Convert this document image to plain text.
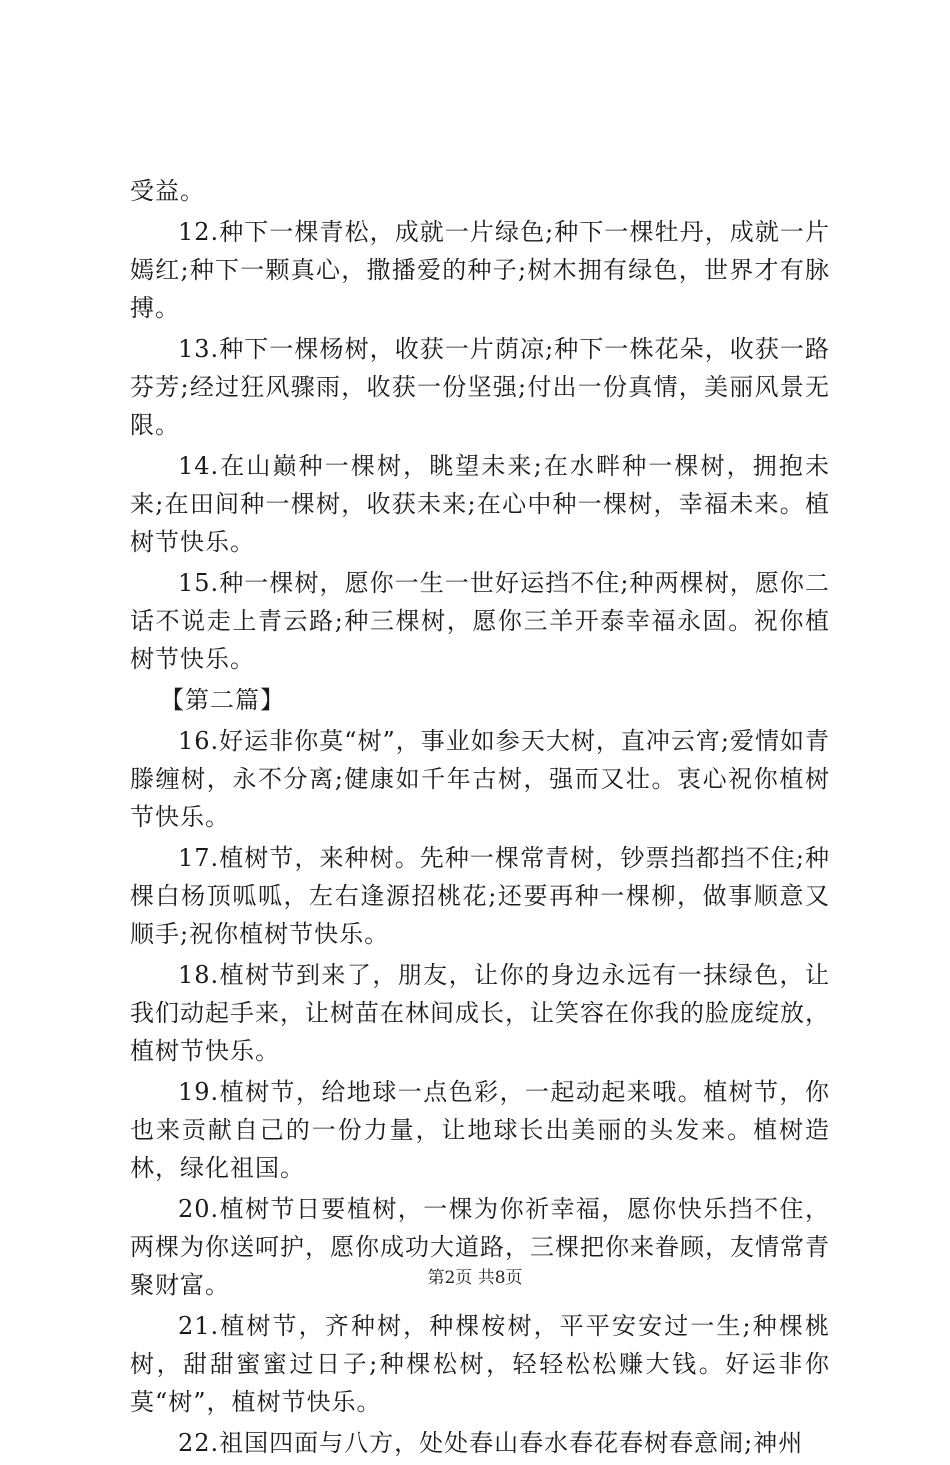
受益。

12.种下一棵青松，成就一片绿色;种下一棵牡丹，成就一片嫣红;种下一颗真心，撒播爱的种子;树木拥有绿色，世界才有脉搏。

13.种下一棵杨树，收获一片荫凉;种下一株花朵，收获一路芬芳;经过狂风骤雨，收获一份坚强;付出一份真情，美丽风景无限。

14.在山巅种一棵树，眺望未来;在水畔种一棵树，拥抱未来;在田间种一棵树，收获未来;在心中种一棵树，幸福未来。植树节快乐。

15.种一棵树，愿你一生一世好运挡不住;种两棵树，愿你二话不说走上青云路;种三棵树，愿你三羊开泰幸福永固。祝你植树节快乐。

【第二篇】

16.好运非你莫“树”，事业如参天大树，直冲云宵;爱情如青滕缠树，永不分离;健康如千年古树，强而又壮。衷心祝你植树节快乐。

17.植树节，来种树。先种一棵常青树，钞票挡都挡不住;种棵白杨顶呱呱，左右逢源招桃花;还要再种一棵柳，做事顺意又顺手;祝你植树节快乐。

18.植树节到来了，朋友，让你的身边永远有一抹绿色，让我们动起手来，让树苗在林间成长，让笑容在你我的脸庞绽放，植树节快乐。

19.植树节，给地球一点色彩，一起动起来哦。植树节，你也来贡献自己的一份力量，让地球长出美丽的头发来。植树造林，绿化祖国。

20.植树节日要植树，一棵为你祈幸福，愿你快乐挡不住，两棵为你送呵护，愿你成功大道路，三棵把你来眷顾，友情常青聚财富。

21.植树节，齐种树，种棵桉树，平平安安过一生;种棵桃树，甜甜蜜蜜过日子;种棵松树，轻轻松松赚大钱。好运非你莫“树”，植树节快乐。

22.祖国四面与八方，处处春山春水春花春树春意闹;神州

第2页 共8页
